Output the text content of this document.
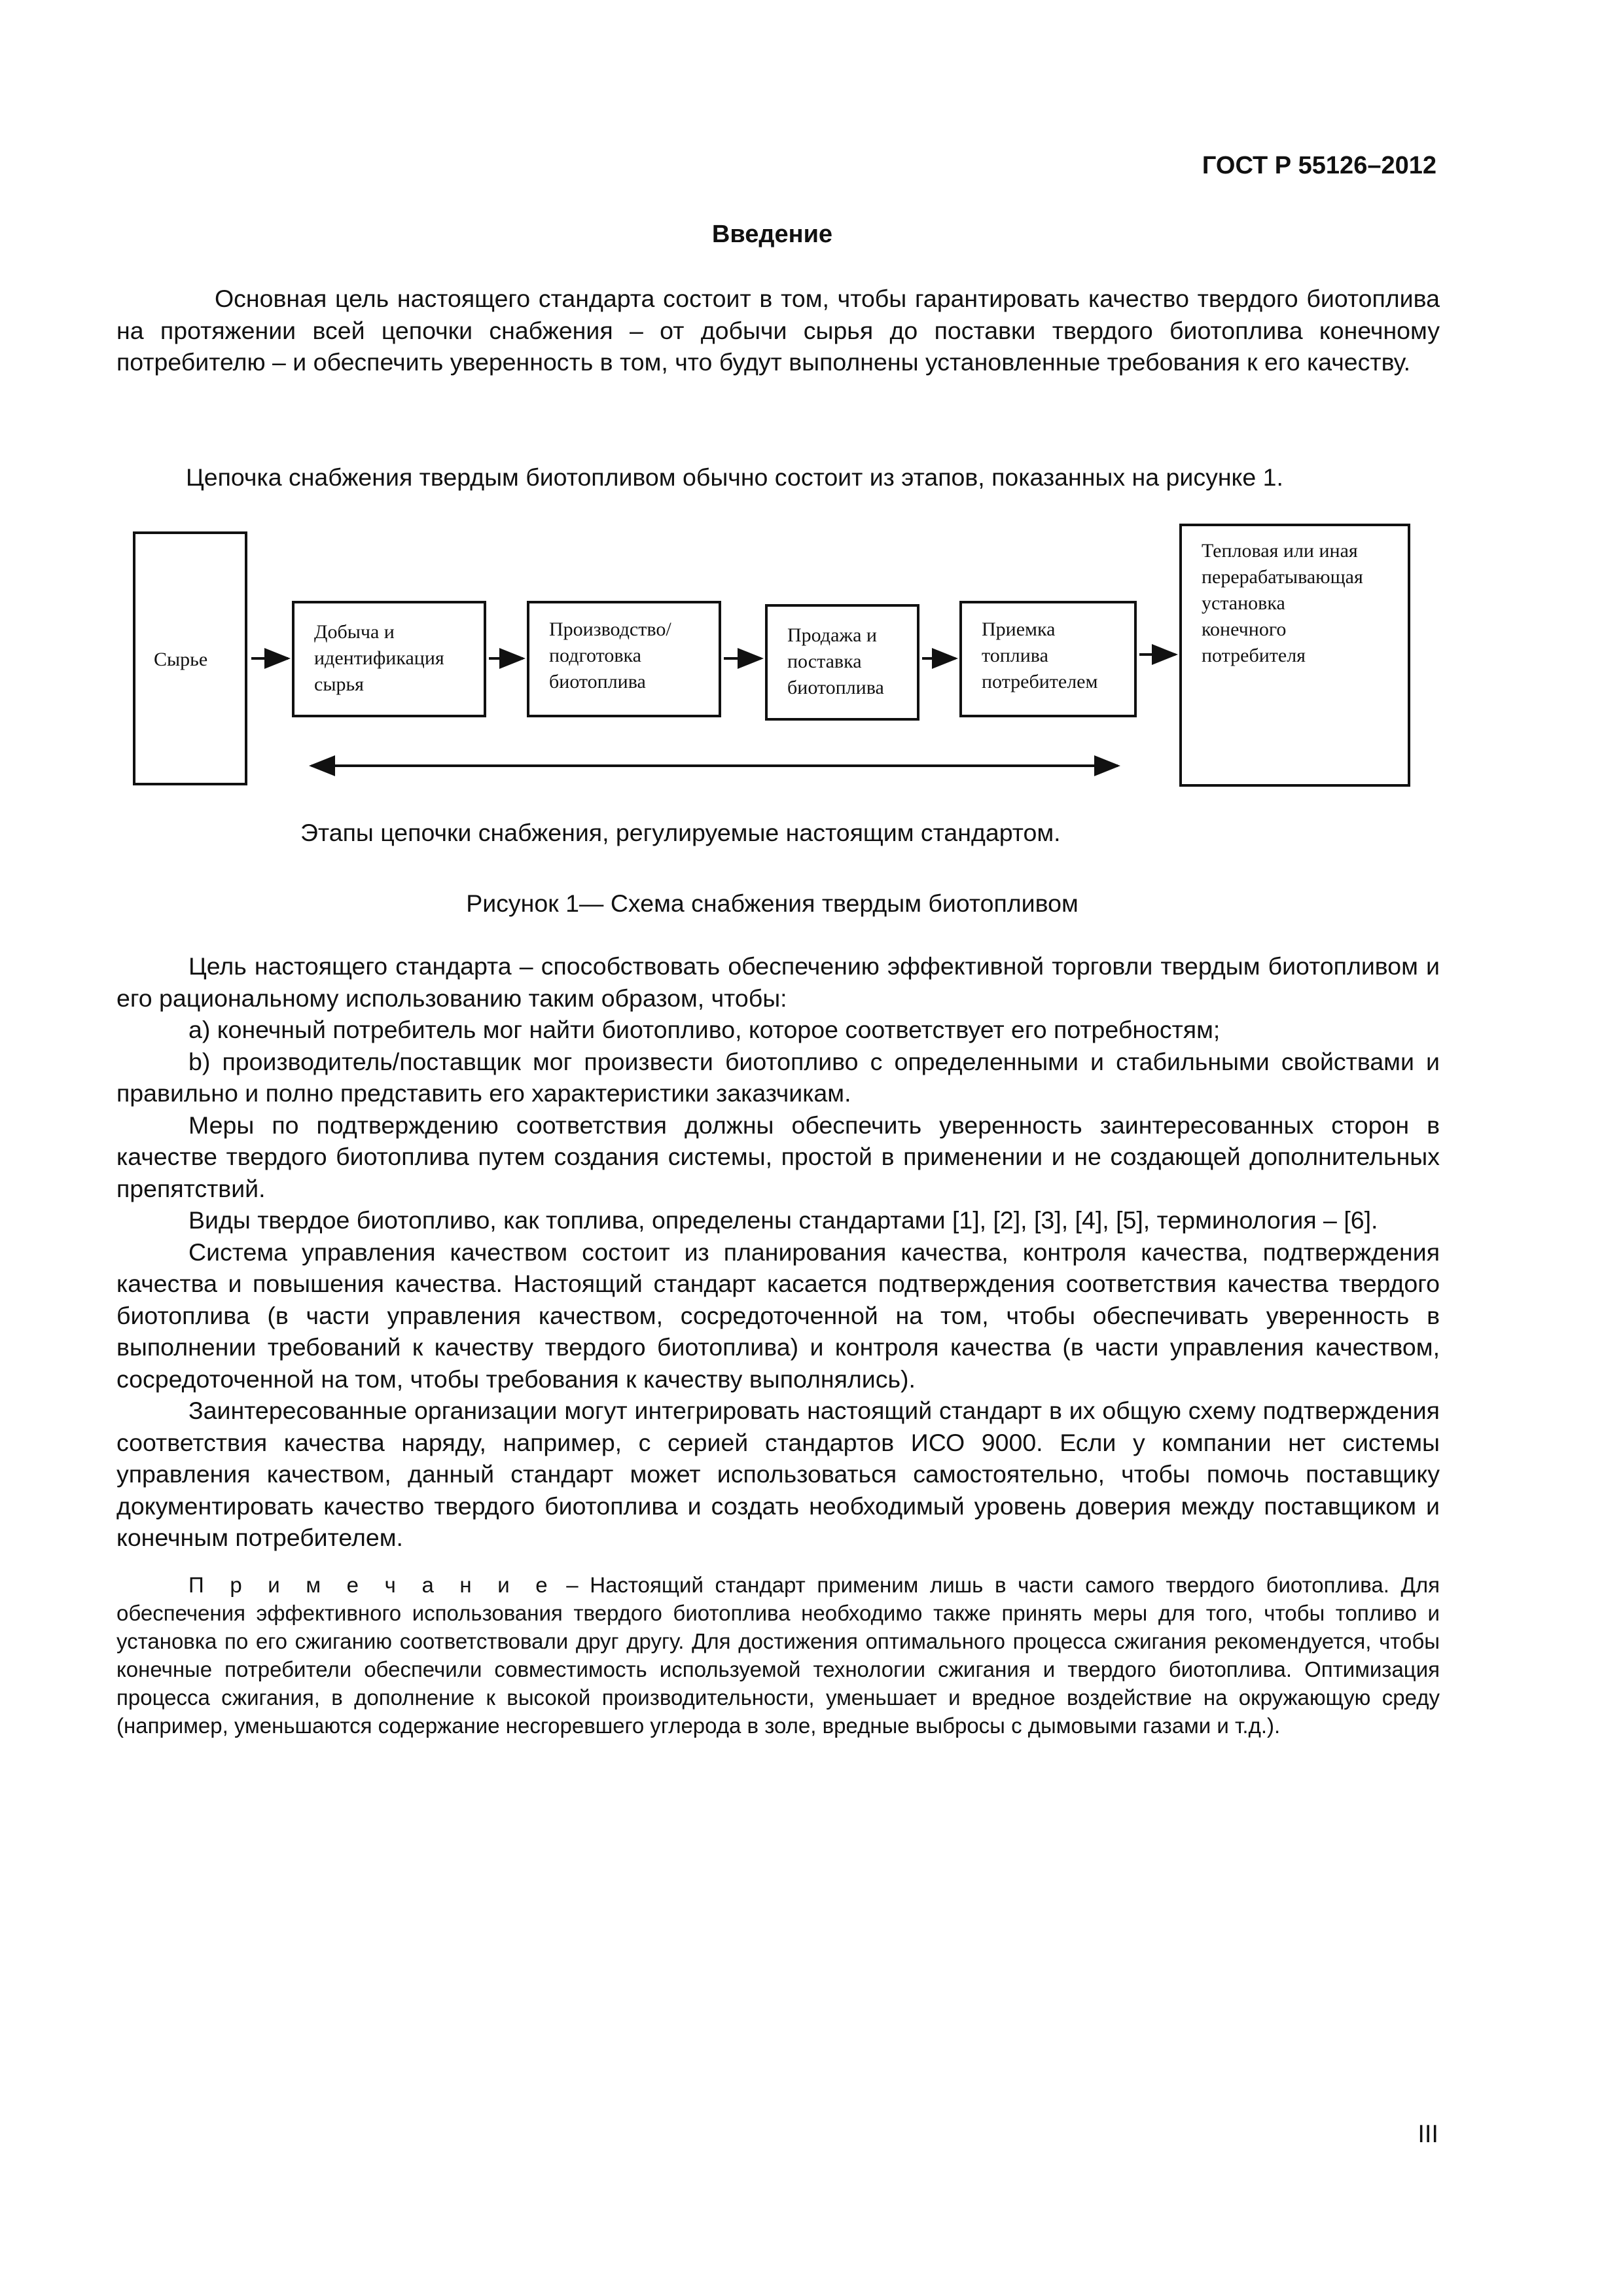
ГОСТ Р 55126–2012
Введение
Основная цель настоящего стандарта состоит в том, чтобы гарантировать качество твердого биотоплива на протяжении всей цепочки снабжения – от добычи сырья до поставки твердого биотоплива конечному потребителю – и обеспечить уверенность в том, что будут выполнены установленные требования к его качеству.
Цепочка снабжения твердым биотопливом обычно состоит из этапов, показанных на рисунке 1.
Сырье
Добыча и
идентификация
сырья
Производство/
подготовка
биотоплива
Продажа и
поставка
биотоплива
Приемка
топлива
потребителем
Тепловая или иная
перерабатывающая
установка
конечного
потребителя
Этапы цепочки снабжения, регулируемые настоящим стандартом.
Рисунок 1— Схема снабжения твердым биотопливом
Цель настоящего стандарта – способствовать обеспечению эффективной торговли твердым биотопливом и его рациональному использованию таким образом, чтобы:
a) конечный потребитель мог найти биотопливо, которое соответствует его потребностям;
b) производитель/поставщик мог произвести биотопливо с определенными и стабильными свойствами и правильно и полно представить его характеристики заказчикам.
Меры по подтверждению соответствия должны обеспечить уверенность заинтересованных сторон в качестве твердого биотоплива путем создания системы, простой в применении и не создающей дополнительных препятствий.
Виды твердое биотопливо, как топлива, определены стандартами [1], [2], [3], [4], [5], терминология – [6].
Система управления качеством состоит из планирования качества, контроля качества, подтверждения качества и повышения качества. Настоящий стандарт касается подтверждения соответствия качества твердого биотоплива (в части управления качеством, сосредоточенной на том, чтобы обеспечивать уверенность в выполнении требований к качеству твердого биотоплива) и контроля качества (в части управления качеством, сосредоточенной на том, чтобы требования к качеству выполнялись).
Заинтересованные организации могут интегрировать настоящий стандарт в их общую схему подтверждения соответствия качества наряду, например, с серией стандартов ИСО 9000. Если у компании нет системы управления качеством, данный стандарт может использоваться самостоятельно, чтобы помочь поставщику документировать качество твердого биотоплива и создать необходимый уровень доверия между поставщиком и конечным потребителем.
П р и м е ч а н и е – Настоящий стандарт применим лишь в части самого твердого биотоплива. Для обеспечения эффективного использования твердого биотоплива необходимо также принять меры для того, чтобы топливо и установка по его сжиганию соответствовали друг другу. Для достижения оптимального процесса сжигания рекомендуется, чтобы конечные потребители обеспечили совместимость используемой технологии сжигания и твердого биотоплива. Оптимизация процесса сжигания, в дополнение к высокой производительности, уменьшает и вредное воздействие на окружающую среду (например, уменьшаются содержание несгоревшего углерода в золе, вредные выбросы с дымовыми газами и т.д.).
III
